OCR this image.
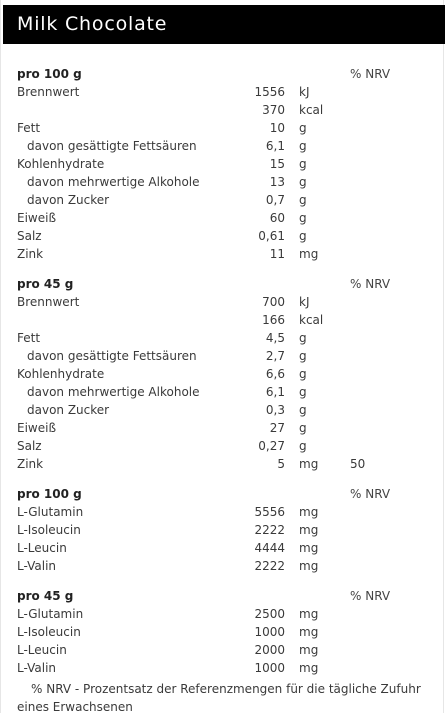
Milk Chocolate
pro 100 g	% NRV
Brennwert	1556 kJ
370 kcal
Fett	10 g
davon gesättigte Fettsäuren	6,1 g
Kohlenhydrate	15 g
davon mehrwertige Alkohole	13 g
davon Zucker	0,7 g
Eiweiß	60 g
Salz	0,61 g
Zink	11 mg
pro 45 g	% NRV
Brennwert	700 kJ
166 kcal
Fett	4,5 g
davon gesättigte Fettsäuren	2,7 g
Kohlenhydrate	6,6 g
davon mehrwertige Alkohole	6,1 g
davon Zucker	0,3 g
Eiweiß	27 g
Salz	0,27 g
Zink	5 mg	50
pro 100 g	% NRV
L-Glutamin	5556 mg
L-Isoleucin	2222 mg
L-Leucin	4444 mg
L-Valin	2222 mg
pro 45 g	% NRV
L-Glutamin	2500 mg
L-Isoleucin	1000 mg
L-Leucin	2000 mg
L-Valin	1000 mg
% NRV - Prozentsatz der Referenzmengen für die tägliche Zufuhr
eines Erwachsenen
